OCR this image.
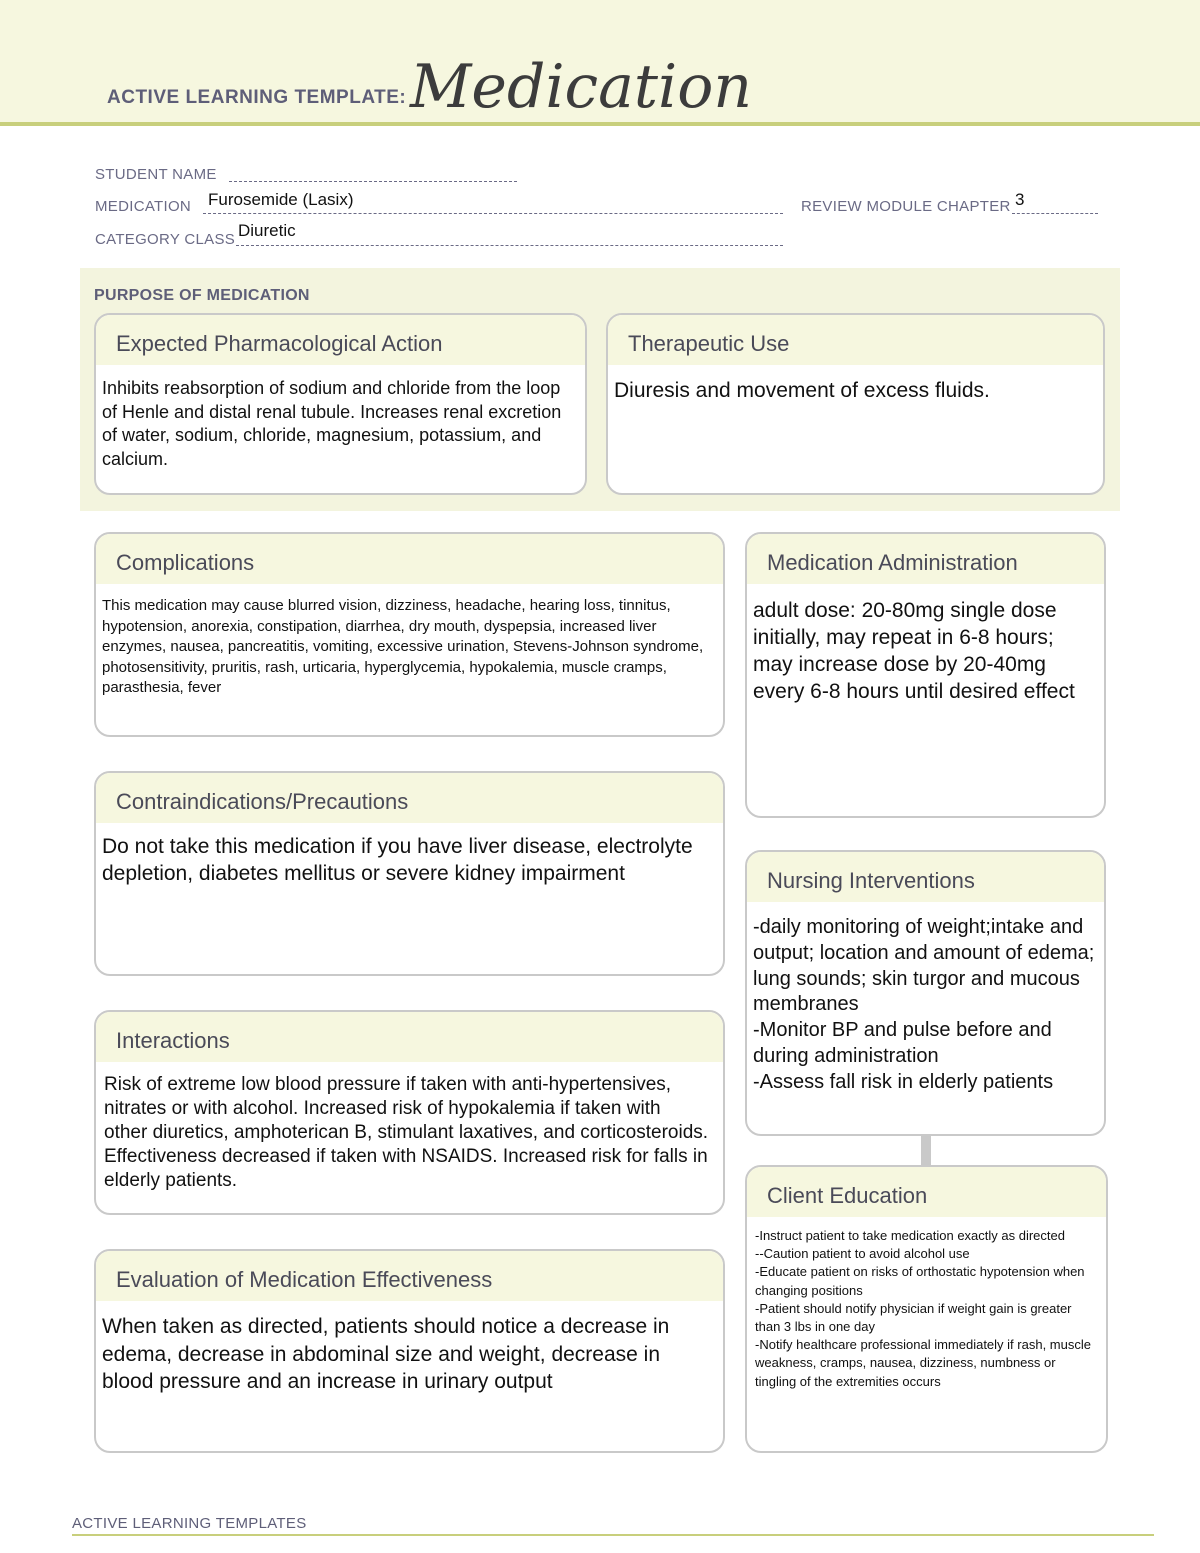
ACTIVE LEARNING TEMPLATE: Medication
STUDENT NAME
MEDICATION Furosemide (Lasix)	REVIEW MODULE CHAPTER 3
CATEGORY CLASS Diuretic
PURPOSE OF MEDICATION
Expected Pharmacological Action
Inhibits reabsorption of sodium and chloride from the loop of Henle and distal renal tubule. Increases renal excretion of water, sodium, chloride, magnesium, potassium, and calcium.
Therapeutic Use
Diuresis and movement of excess fluids.
Complications
This medication may cause blurred vision, dizziness, headache, hearing loss, tinnitus, hypotension, anorexia, constipation, diarrhea, dry mouth, dyspepsia, increased liver enzymes, nausea, pancreatitis, vomiting, excessive urination, Stevens-Johnson syndrome, photosensitivity, pruritis, rash, urticaria, hyperglycemia, hypokalemia, muscle cramps, parasthesia, fever
Medication Administration
adult dose: 20-80mg single dose initially, may repeat in 6-8 hours; may increase dose by 20-40mg every 6-8 hours until desired effect
Contraindications/Precautions
Do not take this medication if you have liver disease, electrolyte depletion, diabetes mellitus or severe kidney impairment	Nursing Interventions
-daily monitoring of weight;intake and output; location and amount of edema; lung sounds; skin turgor and mucous membranes
-Monitor BP and pulse before and during administration
-Assess fall risk in elderly patients
Interactions
Risk of extreme low blood pressure if taken with anti-hypertensives, nitrates or with alcohol. Increased risk of hypokalemia if taken with other diuretics, amphoterican B, stimulant laxatives, and corticosteroids. Effectiveness decreased if taken with NSAIDS. Increased risk for falls in elderly patients.
Client Education
-Instruct patient to take medication exactly as directed
--Caution patient to avoid alcohol use
-Educate patient on risks of orthostatic hypotension when changing positions
-Patient should notify physician if weight gain is greater than 3 lbs in one day
-Notify healthcare professional immediately if rash, muscle weakness, cramps, nausea, dizziness, numbness or tingling of the extremities occurs
Evaluation of Medication Effectiveness
When taken as directed, patients should notice a decrease in edema, decrease in abdominal size and weight, decrease in blood pressure and an increase in urinary output
ACTIVE LEARNING TEMPLATES
